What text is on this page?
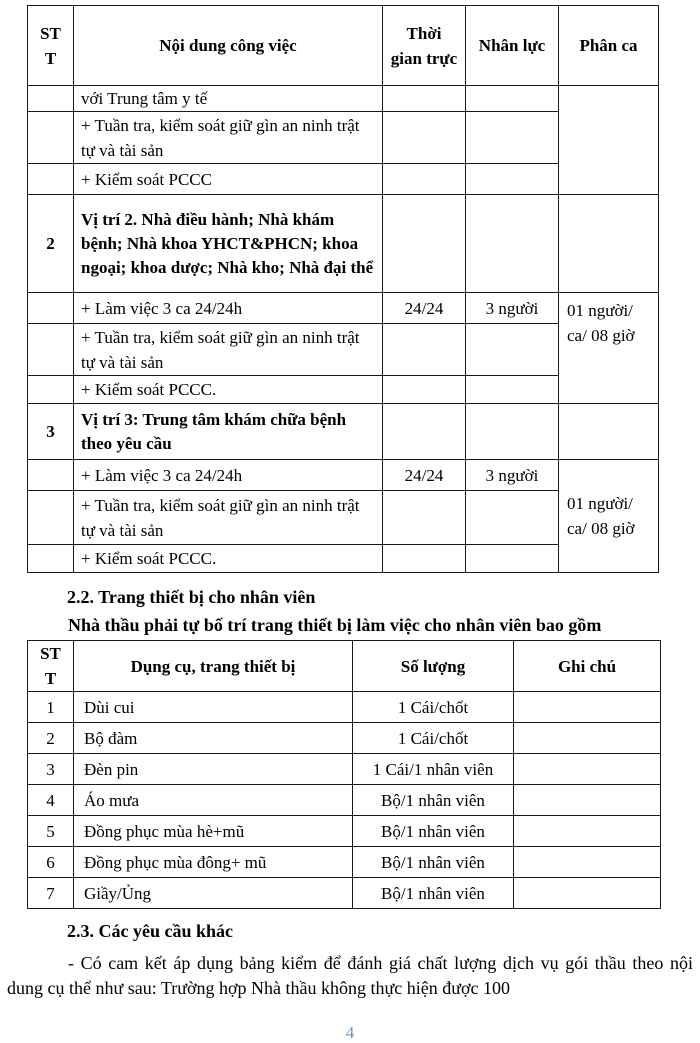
STT	Nội dung công việc	Thời gian trực	Nhân lực	Phân ca
	với Trung tâm y tế			
	+ Tuần tra, kiểm soát giữ gìn an ninh trật tự và tài sản			
	+ Kiểm soát PCCC			
2	Vị trí 2. Nhà điều hành; Nhà khám bệnh; Nhà khoa YHCT&PHCN; khoa ngoại; khoa dược; Nhà kho; Nhà đại thể			
	+ Làm việc 3 ca 24/24h	24/24	3 người	01 người/ ca/ 08 giờ
	+ Tuần tra, kiểm soát giữ gìn an ninh trật tự và tài sản			
	+ Kiểm soát PCCC.			
3	Vị trí 3: Trung tâm khám chữa bệnh theo yêu cầu			
	+ Làm việc 3 ca 24/24h	24/24	3 người	01 người/ ca/ 08 giờ
	+ Tuần tra, kiểm soát giữ gìn an ninh trật tự và tài sản			
	+ Kiểm soát PCCC.			
2.2. Trang thiết bị cho nhân viên
Nhà thầu phải tự bố trí trang thiết bị làm việc cho nhân viên bao gồm
STT	Dụng cụ, trang thiết bị	Số lượng	Ghi chú
1	Dùi cui	1 Cái/chốt	
2	Bộ đàm	1 Cái/chốt	
3	Đèn pin	1 Cái/1 nhân viên	
4	Áo mưa	Bộ/1 nhân viên	
5	Đồng phục mùa hè+mũ	Bộ/1 nhân viên	
6	Đồng phục mùa đông+ mũ	Bộ/1 nhân viên	
7	Giầy/Ủng	Bộ/1 nhân viên	
2.3. Các yêu cầu khác

- Có cam kết áp dụng bảng kiểm để đánh giá chất lượng dịch vụ gói thầu theo nội dung cụ thể như sau: Trường hợp Nhà thầu không thực hiện được 100

4
